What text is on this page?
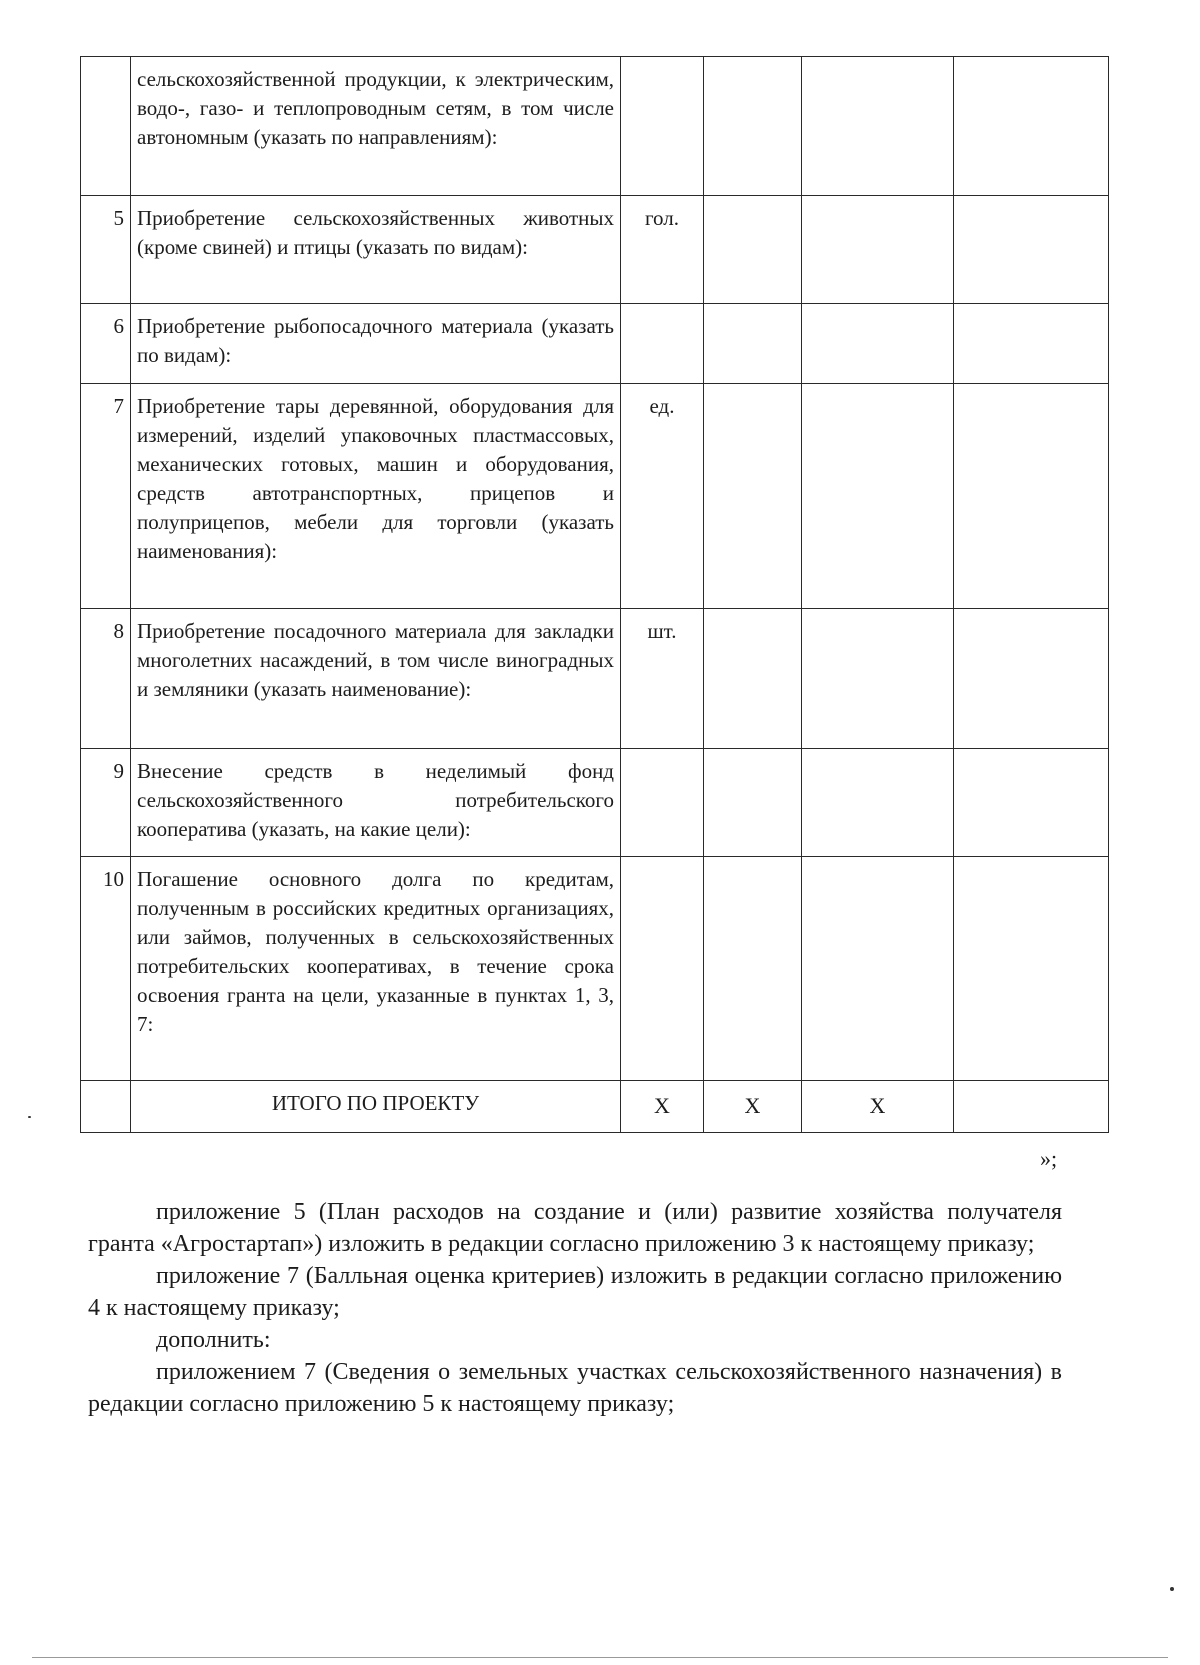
	сельскохозяйственной продукции, к электрическим, водо-, газо- и теплопроводным сетям, в том числе автономным (указать по направлениям):				
5	Приобретение сельскохозяйственных животных (кроме свиней) и птицы (указать по видам):	гол.			
6	Приобретение рыбопосадочного материала (указать по видам):				
7	Приобретение тары деревянной, оборудования для измерений, изделий упаковочных пластмассовых, механических готовых, машин и оборудования, средств автотранспортных, прицепов и полуприцепов, мебели для торговли (указать наименования):	ед.			
8	Приобретение посадочного материала для закладки многолетних насаждений, в том числе виноградных и земляники (указать наименование):	шт.			
9	Внесение средств в неделимый фонд сельскохозяйственного потребительского кооператива (указать, на какие цели):				
10	Погашение основного долга по кредитам, полученным в российских кредитных организациях, или займов, полученных в сельскохозяйственных потребительских кооперативах, в течение срока освоения гранта на цели, указанные в пунктах 1, 3, 7:				
	ИТОГО ПО ПРОЕКТУ	Х	Х	Х	
»;

приложение 5 (План расходов на создание и (или) развитие хозяйства получателя гранта «Агростартап») изложить в редакции согласно приложению 3 к настоящему приказу;

приложение 7 (Балльная оценка критериев) изложить в редакции согласно приложению 4 к настоящему приказу;

дополнить:

приложением 7 (Сведения о земельных участках сельскохозяйственного назначения) в редакции согласно приложению 5 к настоящему приказу;
